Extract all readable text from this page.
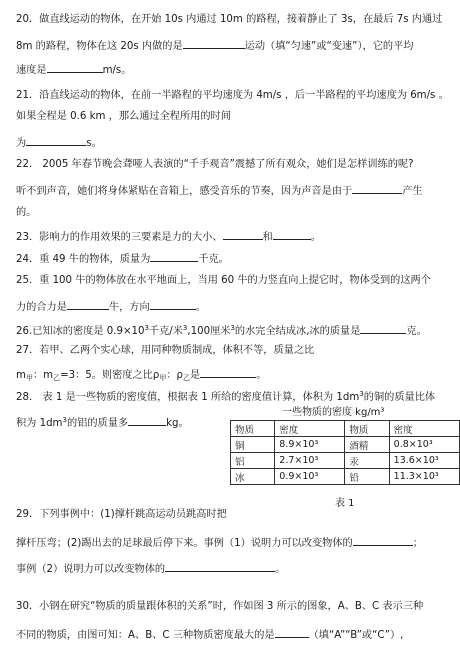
20．做直线运动的物体，在开始 10s 内通过 10m 的路程，接着静止了 3s，在最后 7s 内通过
8m 的路程，物体在这 20s 内做的是	运动（填“匀速”或“变速”），它的平均
速度是	m/s。
21．沿直线运动的物体，在前一半路程的平均速度为 4m/s ，后一半路程的平均速度为 6m/s 。
如果全程是 0.6 km ，那么通过全程所用的时间
为	s。
22． 2005 年春节晚会聋哑人表演的“千手观音”震撼了所有观众，她们是怎样训练的呢?
听不到声音，她们将身体紧贴在音箱上，感受音乐的节奏，因为声音是由于	产生
的。
23．影响力的作用效果的三要素是力的大小、	和	。
24．重 49 牛的物体，质量为	千克。
25．重 100 牛的物体放在水平地面上，当用 60 牛的力竖直向上提它时，物体受到的这两个
力的合力是	牛，方向	。
26.已知冰的密度是 $0.9\times 10^3$千克/米$^3$,100厘米$^3$的水完全结成冰,冰的质量是	克。
27．若甲、乙两个实心球，用同种物质制成，体积不等，质量之比
$m_甲$：$m_乙=3$：5。则密度之比$\rho_甲$：$\rho_乙$是	。
28． 表 1 是一些物质的密度值，根据表 1 所给的密度值计算，体积为 $1dm^3$的铜的质量比体
积为 $1dm^3$的铝的质量多	kg。
一些物质的密度 kg/m³
物质	密度	物质	密度
铜	8.9×10³	酒精	0.8×10³
铝	2.7×10³	汞	13.6×10³
冰	0.9×10³	铅	11.3×10³
表 1
29．下列事例中：(1)撑杆跳高运动员跳高时把
撑杆压弯；(2)踢出去的足球最后停下来。事例（1）说明力可以改变物体的	；
事例（2）说明力可以改变物体的	。
30．小钢在研究“物质的质量跟体积的关系”时，作如图 3 所示的图象，A、B、C 表示三种
不同的物质，由图可知：A、B、C 三种物质密度最大的是	（填“A”“B”或“C”）,
